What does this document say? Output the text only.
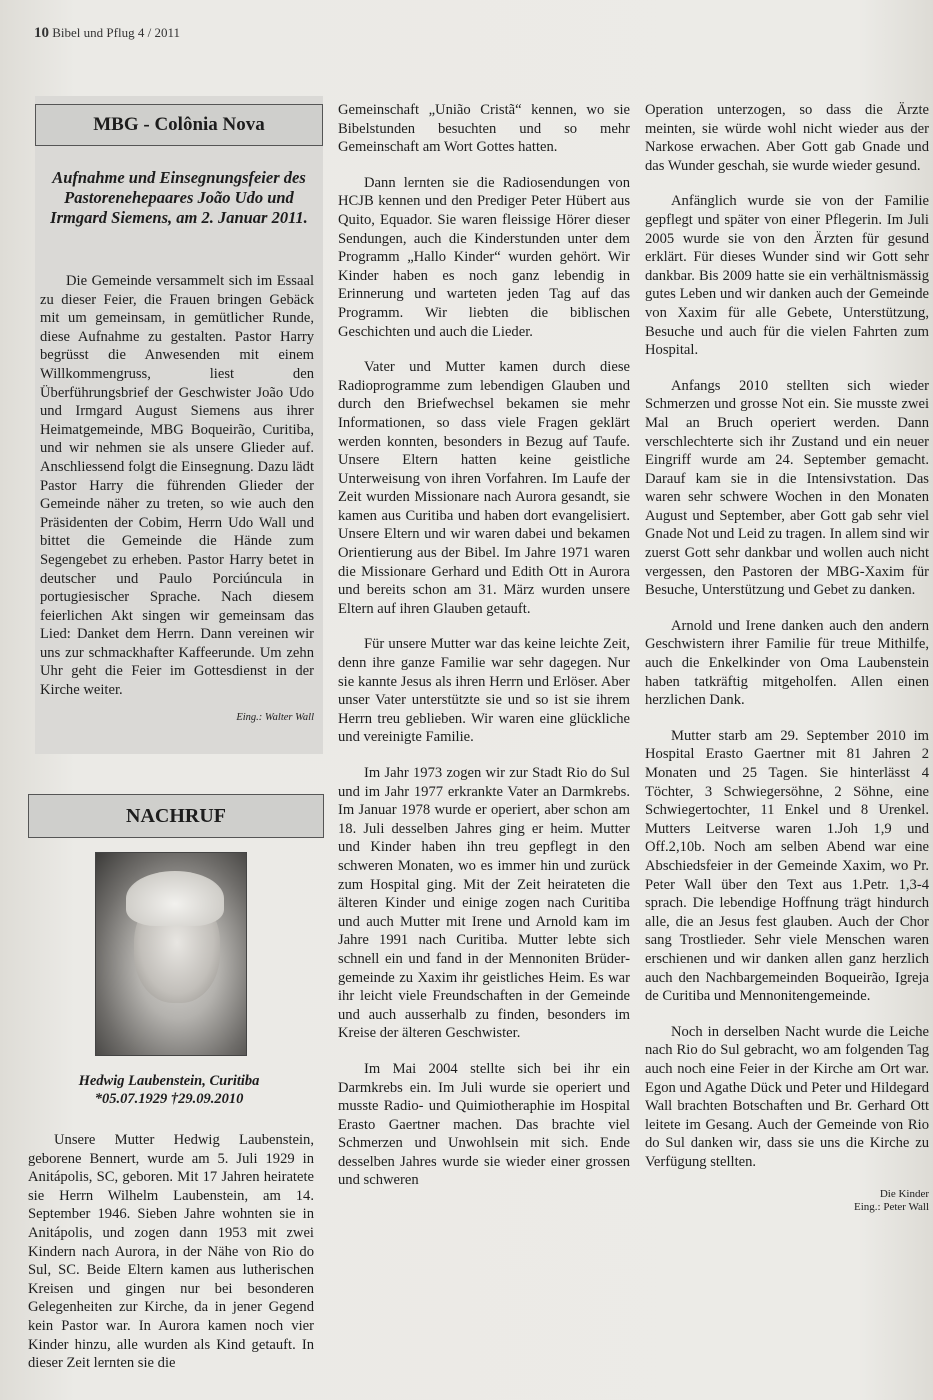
10 Bibel und Pflug 4 / 2011
MBG - Colônia Nova
Aufnahme und Einsegnungsfeier des Pastorenehepaares João Udo und Irmgard Siemens, am 2. Januar 2011.

Die Gemeinde versammelt sich im Essaal zu dieser Feier, die Frauen bringen Gebäck mit um gemeinsam, in gemütlicher Runde, diese Aufnahme zu gestalten. Pastor Harry begrüsst die Anwesenden mit einem Willkommengruss, liest den Überführungsbrief der Geschwister João Udo und Irmgard August Siemens aus ihrer Heimatgemeinde, MBG Boqueirão, Curitiba, und wir nehmen sie als unsere Glieder auf. Anschliessend folgt die Einsegnung. Dazu lädt Pastor Harry die führenden Glieder der Gemeinde näher zu treten, so wie auch den Präsidenten der Cobim, Herrn Udo Wall und bittet die Gemeinde die Hände zum Segengebet zu erheben. Pastor Harry betet in deutscher und Paulo Porciúncula in portugiesischer Sprache. Nach diesem feierlichen Akt singen wir gemeinsam das Lied: Danket dem Herrn. Dann vereinen wir uns zur schmackhafter Kaffeerunde. Um zehn Uhr geht die Feier im Gottesdienst in der Kirche weiter.

Eing.: Walter Wall
NACHRUF
Hedwig Laubenstein, Curitiba
*05.07.1929 †29.09.2010

Unsere Mutter Hedwig Laubenstein, geborene Bennert, wurde am 5. Juli 1929 in Anitápolis, SC, geboren. Mit 17 Jahren heiratete sie Herrn Wilhelm Laubenstein, am 14. September 1946. Sieben Jahre wohnten sie in Anitápolis, und zogen dann 1953 mit zwei Kindern nach Aurora, in der Nähe von Rio do Sul, SC. Beide Eltern kamen aus lutherischen Kreisen und gingen nur bei besonderen Gelegenheiten zur Kirche, da in jener Gegend kein Pastor war. In Aurora kamen noch vier Kinder hinzu, alle wurden als Kind getauft. In dieser Zeit lernten sie die

Gemeinschaft „União Cristã“ kennen, wo sie Bibelstunden besuchten und so mehr Gemeinschaft am Wort Gottes hatten.

Dann lernten sie die Radiosendungen von HCJB kennen und den Prediger Peter Hübert aus Quito, Equador. Sie waren fleissige Hörer dieser Sendungen, auch die Kinderstunden unter dem Programm „Hallo Kinder“ wurden gehört. Wir Kinder haben es noch ganz lebendig in Erinnerung und warteten jeden Tag auf das Programm. Wir liebten die biblischen Geschichten und auch die Lieder.

Vater und Mutter kamen durch diese Radioprogramme zum lebendigen Glauben und durch den Briefwechsel bekamen sie mehr Informationen, so dass viele Fragen geklärt werden konnten, besonders in Bezug auf Taufe. Unsere Eltern hatten keine geistliche Unterweisung von ihren Vorfahren. Im Laufe der Zeit wurden Missionare nach Aurora gesandt, sie kamen aus Curitiba und haben dort evangelisiert. Unsere Eltern und wir waren dabei und bekamen Orientierung aus der Bibel. Im Jahre 1971 waren die Missionare Gerhard und Edith Ott in Aurora und bereits schon am 31. März wurden unsere Eltern auf ihren Glauben getauft.

Für unsere Mutter war das keine leichte Zeit, denn ihre ganze Familie war sehr dagegen. Nur sie kannte Jesus als ihren Herrn und Erlöser. Aber unser Vater unterstützte sie und so ist sie ihrem Herrn treu geblieben. Wir waren eine glückliche und vereinigte Familie.

Im Jahr 1973 zogen wir zur Stadt Rio do Sul und im Jahr 1977 erkrankte Vater an Darmkrebs. Im Januar 1978 wurde er operiert, aber schon am 18. Juli desselben Jahres ging er heim. Mutter und Kinder haben ihn treu gepflegt in den schweren Monaten, wo es immer hin und zurück zum Hospital ging. Mit der Zeit heirateten die älteren Kinder und einige zogen nach Curitiba und auch Mutter mit Irene und Arnold kam im Jahre 1991 nach Curitiba. Mutter lebte sich schnell ein und fand in der Mennoniten Brüder-gemeinde zu Xaxim ihr geistliches Heim. Es war ihr leicht viele Freundschaften in der Gemeinde und auch ausserhalb zu finden, besonders im Kreise der älteren Geschwister.

Im Mai 2004 stellte sich bei ihr ein Darmkrebs ein. Im Juli wurde sie operiert und musste Radio- und Quimiotheraphie im Hospital Erasto Gaertner machen. Das brachte viel Schmerzen und Unwohlsein mit sich. Ende desselben Jahres wurde sie wieder einer grossen und schweren

Operation unterzogen, so dass die Ärzte meinten, sie würde wohl nicht wieder aus der Narkose erwachen. Aber Gott gab Gnade und das Wunder geschah, sie wurde wieder gesund.

Anfänglich wurde sie von der Familie gepflegt und später von einer Pflegerin. Im Juli 2005 wurde sie von den Ärzten für gesund erklärt. Für dieses Wunder sind wir Gott sehr dankbar. Bis 2009 hatte sie ein verhältnismässig gutes Leben und wir danken auch der Gemeinde von Xaxim für alle Gebete, Unterstützung, Besuche und auch für die vielen Fahrten zum Hospital.

Anfangs 2010 stellten sich wieder Schmerzen und grosse Not ein. Sie musste zwei Mal an Bruch operiert werden. Dann verschlechterte sich ihr Zustand und ein neuer Eingriff wurde am 24. September gemacht. Darauf kam sie in die Intensivstation. Das waren sehr schwere Wochen in den Monaten August und September, aber Gott gab sehr viel Gnade Not und Leid zu tragen. In allem sind wir zuerst Gott sehr dankbar und wollen auch nicht vergessen, den Pastoren der MBG-Xaxim für Besuche, Unterstützung und Gebet zu danken.

Arnold und Irene danken auch den andern Geschwistern ihrer Familie für treue Mithilfe, auch die Enkelkinder von Oma Laubenstein haben tatkräftig mitgeholfen. Allen einen herzlichen Dank.

Mutter starb am 29. September 2010 im Hospital Erasto Gaertner mit 81 Jahren 2 Monaten und 25 Tagen. Sie hinterlässt 4 Töchter, 3 Schwiegersöhne, 2 Söhne, eine Schwiegertochter, 11 Enkel und 8 Urenkel. Mutters Leitverse waren 1.Joh 1,9 und Off.2,10b. Noch am selben Abend war eine Abschiedsfeier in der Gemeinde Xaxim, wo Pr. Peter Wall über den Text aus 1.Petr. 1,3-4 sprach. Die lebendige Hoffnung trägt hindurch alle, die an Jesus fest glauben. Auch der Chor sang Trostlieder. Sehr viele Menschen waren erschienen und wir danken allen ganz herzlich auch den Nachbargemeinden Boqueirão, Igreja de Curitiba und Mennonitengemeinde.

Noch in derselben Nacht wurde die Leiche nach Rio do Sul gebracht, wo am folgenden Tag auch noch eine Feier in der Kirche am Ort war. Egon und Agathe Dück und Peter und Hildegard Wall brachten Botschaften und Br. Gerhard Ott leitete im Gesang. Auch der Gemeinde von Rio do Sul danken wir, dass sie uns die Kirche zu Verfügung stellten.

Die Kinder
Eing.: Peter Wall
